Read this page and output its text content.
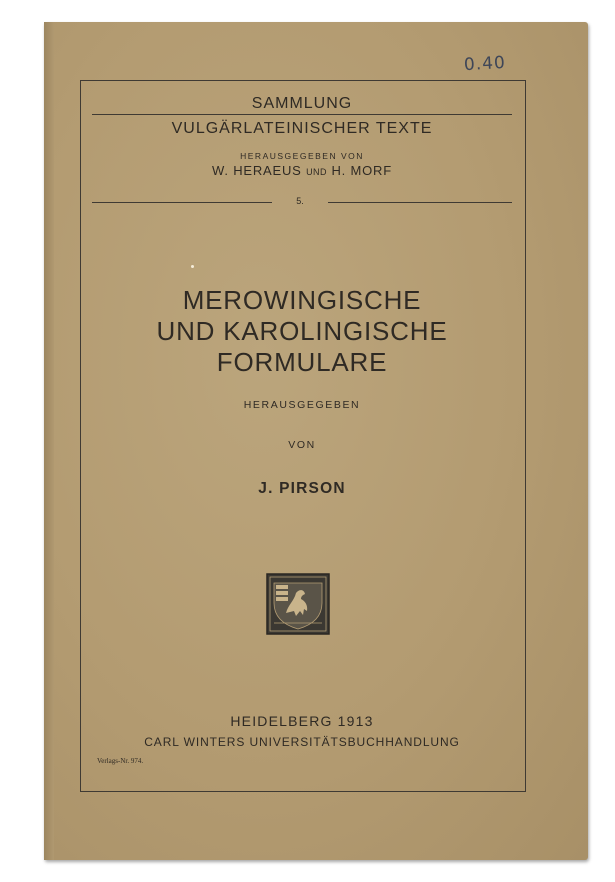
0.40

SAMMLUNG

VULGÄRLATEINISCHER TEXTE

HERAUSGEGEBEN VON

W. HERAEUS UND H. MORF

5.

MEROWINGISCHE
UND KAROLINGISCHE
FORMULARE

HERAUSGEGEBEN

VON

J. PIRSON

HEIDELBERG 1913

CARL WINTERS UNIVERSITÄTSBUCHHANDLUNG

Verlags-Nr. 974.
